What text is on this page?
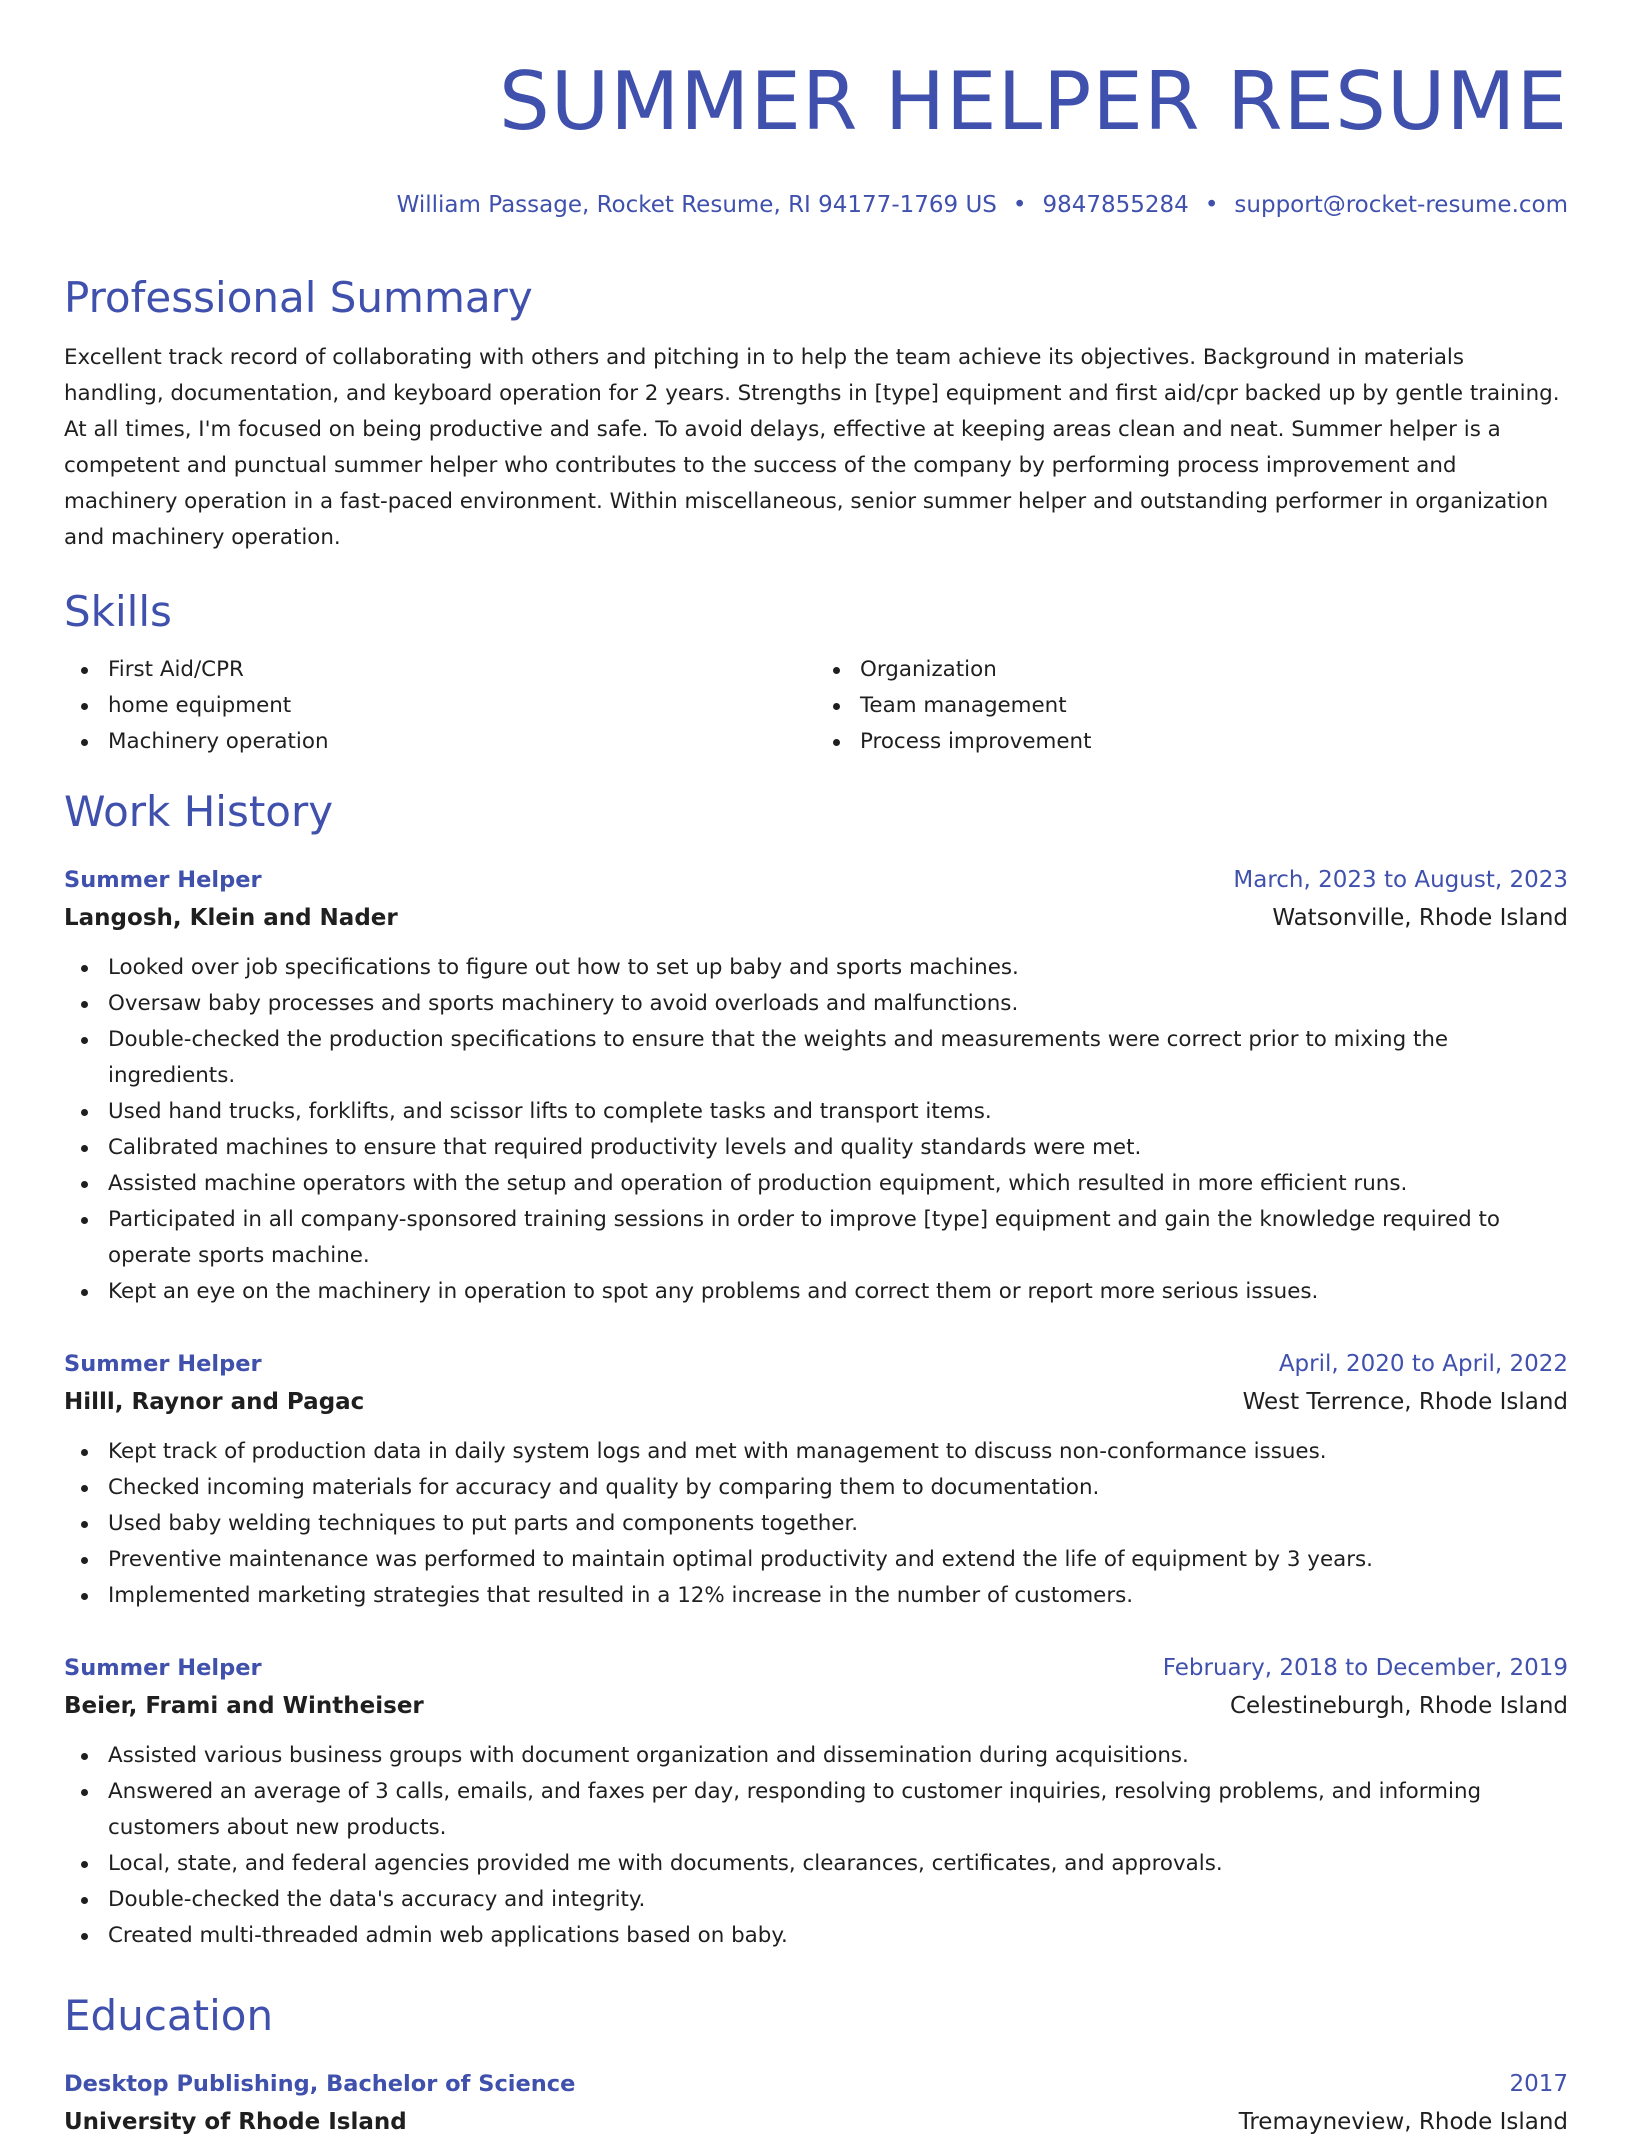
SUMMER HELPER RESUME
William Passage, Rocket Resume, RI 94177-1769 US • 9847855284 • support@rocket-resume.com
Professional Summary
Excellent track record of collaborating with others and pitching in to help the team achieve its objectives. Background in materials handling, documentation, and keyboard operation for 2 years. Strengths in [type] equipment and first aid/cpr backed up by gentle training. At all times, I'm focused on being productive and safe. To avoid delays, effective at keeping areas clean and neat. Summer helper is a competent and punctual summer helper who contributes to the success of the company by performing process improvement and machinery operation in a fast-paced environment. Within miscellaneous, senior summer helper and outstanding performer in organization and machinery operation.
Skills
First Aid/CPR
home equipment
Machinery operation
Organization
Team management
Process improvement
Work History
Summer Helper	March, 2023 to August, 2023
Langosh, Klein and Nader	Watsonville, Rhode Island
Looked over job specifications to figure out how to set up baby and sports machines.
Oversaw baby processes and sports machinery to avoid overloads and malfunctions.
Double-checked the production specifications to ensure that the weights and measurements were correct prior to mixing the ingredients.
Used hand trucks, forklifts, and scissor lifts to complete tasks and transport items.
Calibrated machines to ensure that required productivity levels and quality standards were met.
Assisted machine operators with the setup and operation of production equipment, which resulted in more efficient runs.
Participated in all company-sponsored training sessions in order to improve [type] equipment and gain the knowledge required to operate sports machine.
Kept an eye on the machinery in operation to spot any problems and correct them or report more serious issues.
Summer Helper	April, 2020 to April, 2022
Hilll, Raynor and Pagac	West Terrence, Rhode Island
Kept track of production data in daily system logs and met with management to discuss non-conformance issues.
Checked incoming materials for accuracy and quality by comparing them to documentation.
Used baby welding techniques to put parts and components together.
Preventive maintenance was performed to maintain optimal productivity and extend the life of equipment by 3 years.
Implemented marketing strategies that resulted in a 12% increase in the number of customers.
Summer Helper	February, 2018 to December, 2019
Beier, Frami and Wintheiser	Celestineburgh, Rhode Island
Assisted various business groups with document organization and dissemination during acquisitions.
Answered an average of 3 calls, emails, and faxes per day, responding to customer inquiries, resolving problems, and informing customers about new products.
Local, state, and federal agencies provided me with documents, clearances, certificates, and approvals.
Double-checked the data's accuracy and integrity.
Created multi-threaded admin web applications based on baby.
Education
Desktop Publishing, Bachelor of Science	2017
University of Rhode Island	Tremayneview, Rhode Island
